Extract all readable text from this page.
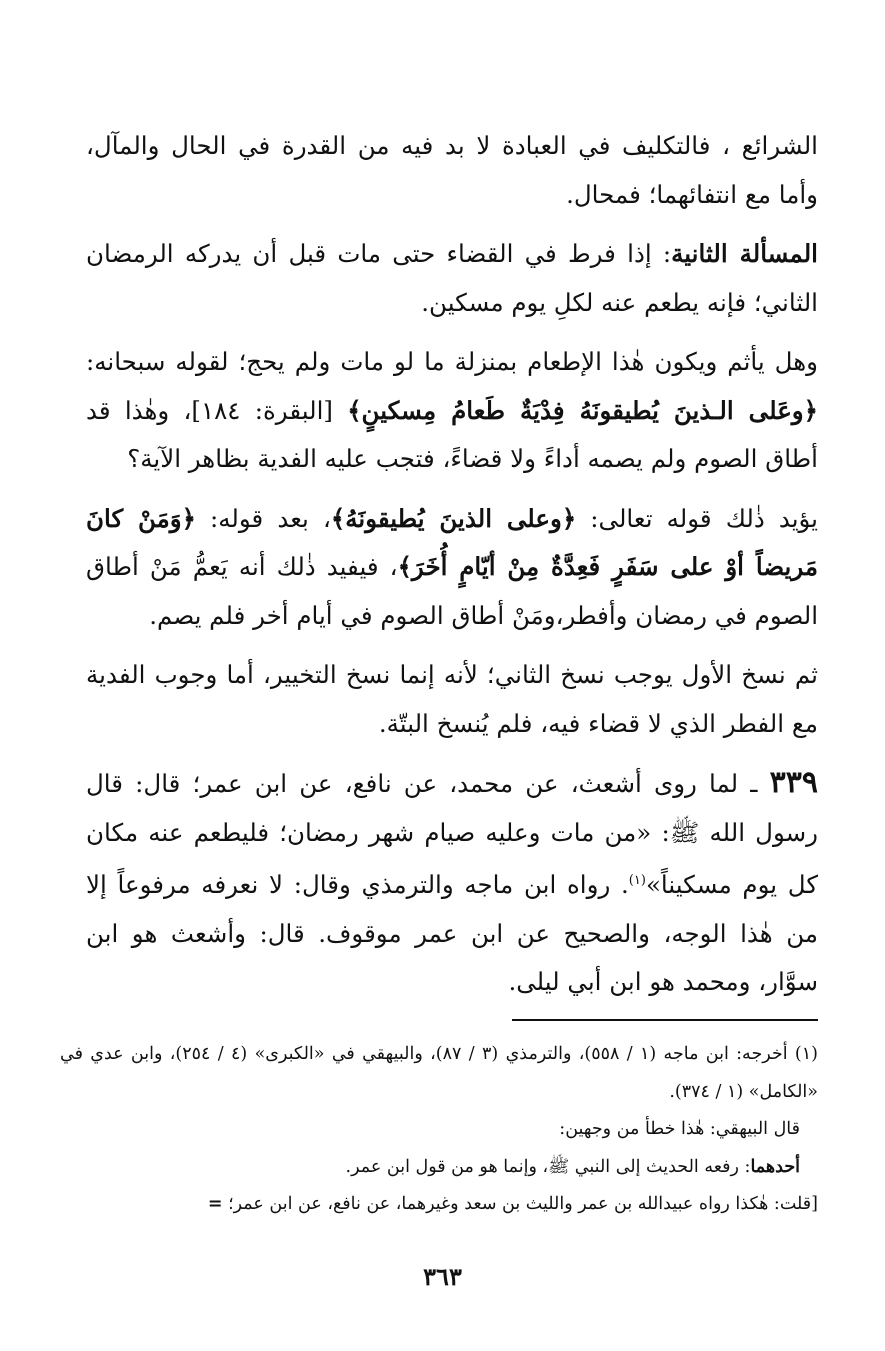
الشرائع ، فالتكليف في العبادة لا بد فيه من القدرة في الحال والمآل، وأما مع انتفائهما؛ فمحال.

المسألة الثانية: إذا فرط في القضاء حتى مات قبل أن يدركه الرمضان الثاني؛ فإنه يطعم عنه لكلِ يوم مسكين.

وهل يأثم ويكون هٰذا الإطعام بمنزلة ما لو مات ولم يحج؛ لقوله سبحانه: ﴿وعَلى الـذينَ يُطيقونَهُ فِدْيَةٌ طَعامُ مِسكينٍ﴾ [البقرة: ١٨٤]، وهٰذا قد أطاق الصوم ولم يصمه أداءً ولا قضاءً، فتجب عليه الفدية بظاهر الآية؟

يؤيد ذٰلك قوله تعالى: ﴿وعلى الذينَ يُطيقونَهُ﴾، بعد قوله: ﴿وَمَنْ كانَ مَريضاً أوْ على سَفَرٍ فَعِدَّةٌ مِنْ أيّامٍ أُخَرَ﴾، فيفيد ذٰلك أنه يَعمُّ مَنْ أطاق الصوم في رمضان وأفطر،ومَنْ أطاق الصوم في أيام أخر فلم يصم.

ثم نسخ الأول يوجب نسخ الثاني؛ لأنه إنما نسخ التخيير، أما وجوب الفدية مع الفطر الذي لا قضاء فيه، فلم يُنسخ البتّة.

٣٣٩ ـ لما روى أشعث، عن محمد، عن نافع، عن ابن عمر؛ قال: قال رسول الله ﷺ: «من مات وعليه صيام شهر رمضان؛ فليطعم عنه مكان كل يوم مسكيناً»$^{(١)}$. رواه ابن ماجه والترمذي وقال: لا نعرفه مرفوعاً إلا من هٰذا الوجه، والصحيح عن ابن عمر موقوف. قال: وأشعث هو ابن سوَّار، ومحمد هو ابن أبي ليلى.

(١) أخرجه: ابن ماجه (١ / ٥٥٨)، والترمذي (٣ / ٨٧)، والبيهقي في «الكبرى» (٤ / ٢٥٤)، وابن عدي في «الكامل» (١ / ٣٧٤).

قال البيهقي: هٰذا خطأ من وجهين:

أحدهما: رفعه الحديث إلى النبي ﷺ، وإنما هو من قول ابن عمر.

[قلت: هٰكذا رواه عبيدالله بن عمر والليث بن سعد وغيرهما، عن نافع، عن ابن عمر؛ =

٣٦٣
